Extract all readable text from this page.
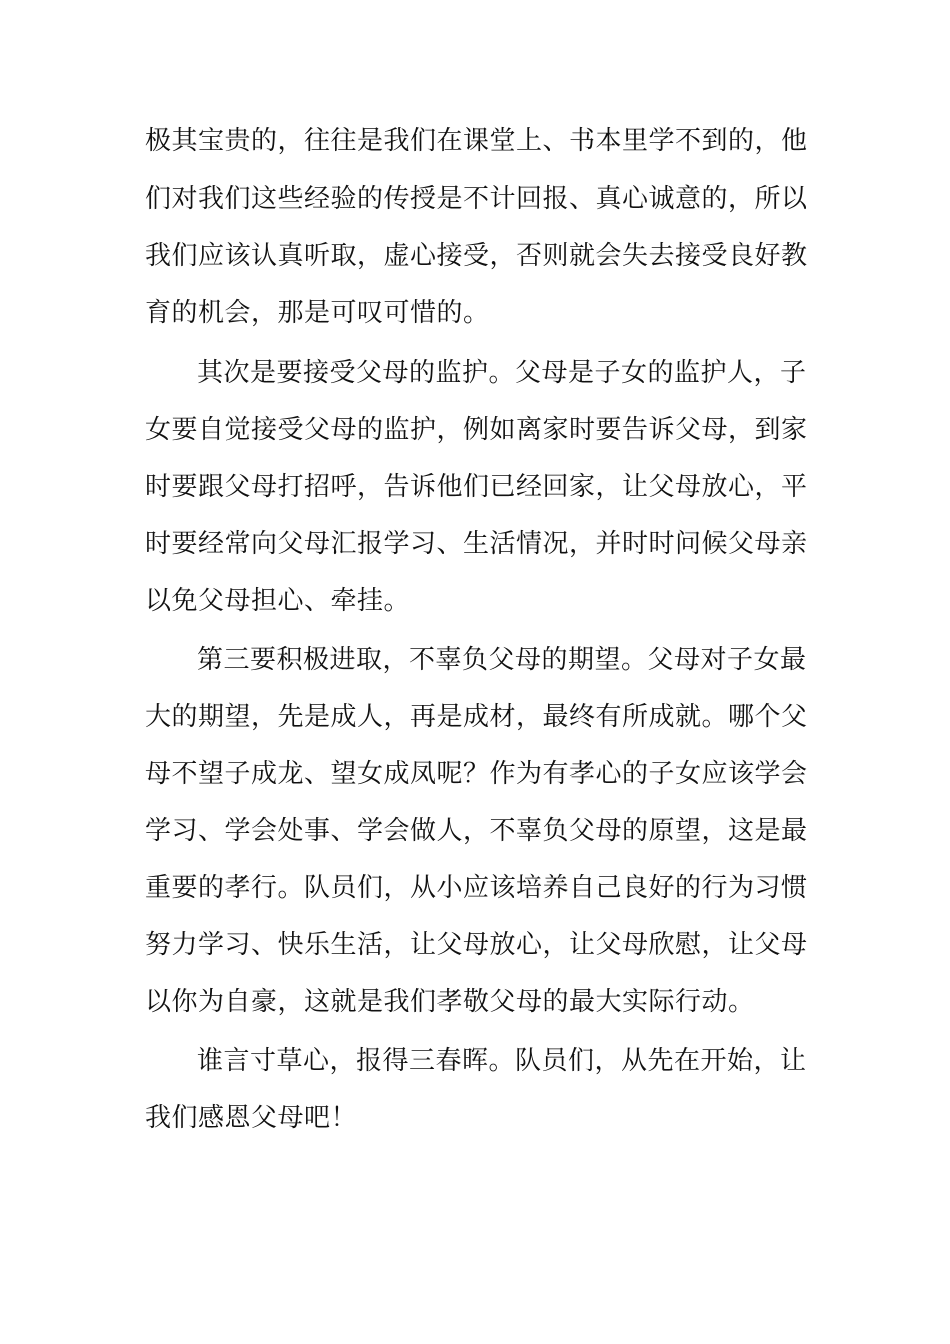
极其宝贵的，往往是我们在课堂上、书本里学不到的，他
们对我们这些经验的传授是不计回报、真心诚意的，所以
我们应该认真听取，虚心接受，否则就会失去接受良好教
育的机会，那是可叹可惜的。
其次是要接受父母的监护。父母是子女的监护人，子
女要自觉接受父母的监护，例如离家时要告诉父母，到家
时要跟父母打招呼，告诉他们已经回家，让父母放心，平
时要经常向父母汇报学习、生活情况，并时时问候父母亲
以免父母担心、牵挂。
第三要积极进取，不辜负父母的期望。父母对子女最
大的期望，先是成人，再是成材，最终有所成就。哪个父
母不望子成龙、望女成凤呢？作为有孝心的子女应该学会
学习、学会处事、学会做人，不辜负父母的原望，这是最
重要的孝行。队员们，从小应该培养自己良好的行为习惯
努力学习、快乐生活，让父母放心，让父母欣慰，让父母
以你为自豪，这就是我们孝敬父母的最大实际行动。
谁言寸草心，报得三春晖。队员们，从先在开始，让
我们感恩父母吧！
